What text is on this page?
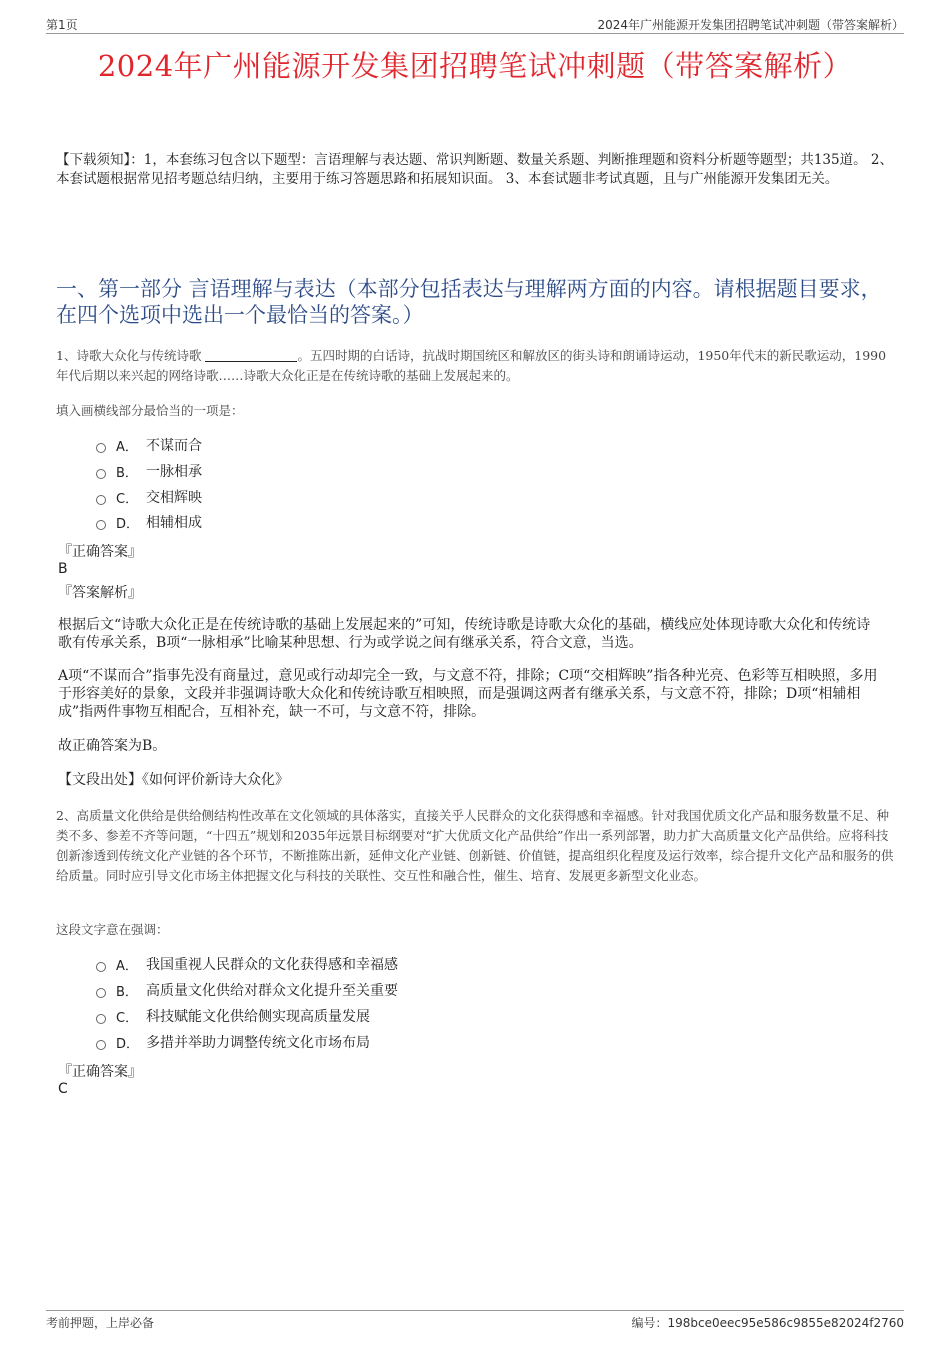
第1页	2024年广州能源开发集团招聘笔试冲刺题（带答案解析）
2024年广州能源开发集团招聘笔试冲刺题（带答案解析）
【下载须知】：1，本套练习包含以下题型：言语理解与表达题、常识判断题、数量关系题、判断推理题和资料分析题等题型；共135道。 2、本套试题根据常见招考题总结归纳，主要用于练习答题思路和拓展知识面。 3、本套试题非考试真题，且与广州能源开发集团无关。
一、第一部分 言语理解与表达（本部分包括表达与理解两方面的内容。请根据题目要求，在四个选项中选出一个最恰当的答案。）
1、诗歌大众化与传统诗歌	。五四时期的白话诗，抗战时期国统区和解放区的街头诗和朗诵诗运动，1950年代末的新民歌运动，1990年代后期以来兴起的网络诗歌……诗歌大众化正是在传统诗歌的基础上发展起来的。
填入画横线部分最恰当的一项是：
A． 不谋而合
B． 一脉相承
C． 交相辉映
D． 相辅相成
『正确答案』
B
『答案解析』
根据后文“诗歌大众化正是在传统诗歌的基础上发展起来的”可知，传统诗歌是诗歌大众化的基础，横线应处体现诗歌大众化和传统诗歌有传承关系，B项“一脉相承”比喻某种思想、行为或学说之间有继承关系，符合文意，当选。
A项“不谋而合”指事先没有商量过，意见或行动却完全一致，与文意不符，排除；C项“交相辉映”指各种光亮、色彩等互相映照，多用于形容美好的景象，文段并非强调诗歌大众化和传统诗歌互相映照，而是强调这两者有继承关系，与文意不符，排除；D项“相辅相成”指两件事物互相配合，互相补充，缺一不可，与文意不符，排除。
故正确答案为B。
【文段出处】《如何评价新诗大众化》
2、高质量文化供给是供给侧结构性改革在文化领域的具体落实，直接关乎人民群众的文化获得感和幸福感。针对我国优质文化产品和服务数量不足、种类不多、参差不齐等问题，“十四五”规划和2035年远景目标纲要对“扩大优质文化产品供给”作出一系列部署，助力扩大高质量文化产品供给。应将科技创新渗透到传统文化产业链的各个环节，不断推陈出新，延伸文化产业链、创新链、价值链，提高组织化程度及运行效率，综合提升文化产品和服务的供给质量。同时应引导文化市场主体把握文化与科技的关联性、交互性和融合性，催生、培育、发展更多新型文化业态。
这段文字意在强调：
A． 我国重视人民群众的文化获得感和幸福感
B． 高质量文化供给对群众文化提升至关重要
C． 科技赋能文化供给侧实现高质量发展
D． 多措并举助力调整传统文化市场布局
『正确答案』
C
考前押题，上岸必备	编号：198bce0eec95e586c9855e82024f2760
